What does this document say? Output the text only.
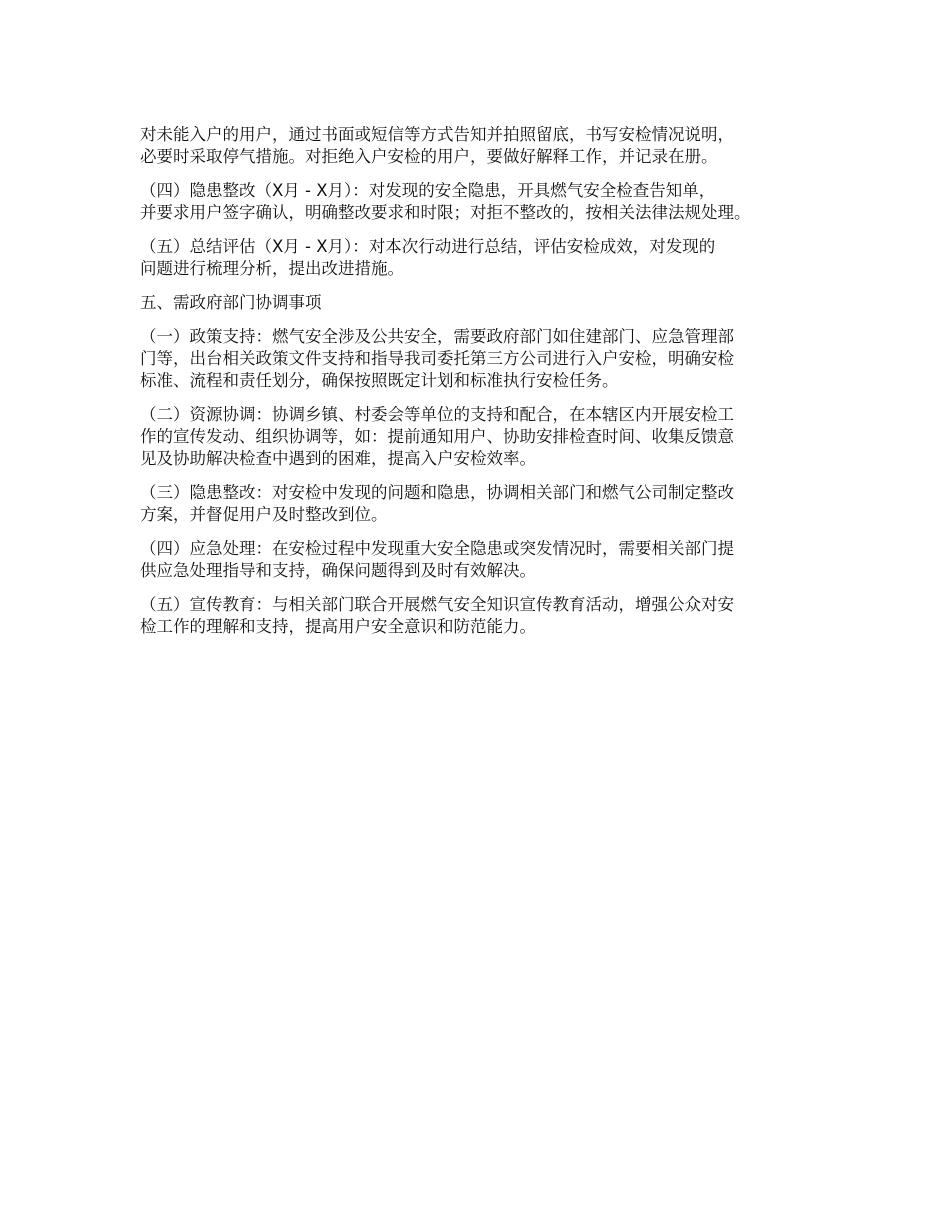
对未能入户的用户，通过书面或短信等方式告知并拍照留底，书写安检情况说明，
必要时采取停气措施。对拒绝入户安检的用户，要做好解释工作，并记录在册。

（四）隐患整改（X月 - X月）：对发现的安全隐患，开具燃气安全检查告知单，
并要求用户签字确认，明确整改要求和时限；对拒不整改的，按相关法律法规处理。

（五）总结评估（X月 - X月）：对本次行动进行总结，评估安检成效，对发现的
问题进行梳理分析，提出改进措施。

五、需政府部门协调事项

（一）政策支持：燃气安全涉及公共安全，需要政府部门如住建部门、应急管理部
门等，出台相关政策文件支持和指导我司委托第三方公司进行入户安检，明确安检
标准、流程和责任划分，确保按照既定计划和标准执行安检任务。

（二）资源协调：协调乡镇、村委会等单位的支持和配合，在本辖区内开展安检工
作的宣传发动、组织协调等，如：提前通知用户、协助安排检查时间、收集反馈意
见及协助解决检查中遇到的困难，提高入户安检效率。

（三）隐患整改：对安检中发现的问题和隐患，协调相关部门和燃气公司制定整改
方案，并督促用户及时整改到位。

（四）应急处理：在安检过程中发现重大安全隐患或突发情况时，需要相关部门提
供应急处理指导和支持，确保问题得到及时有效解决。

（五）宣传教育：与相关部门联合开展燃气安全知识宣传教育活动，增强公众对安
检工作的理解和支持，提高用户安全意识和防范能力。
